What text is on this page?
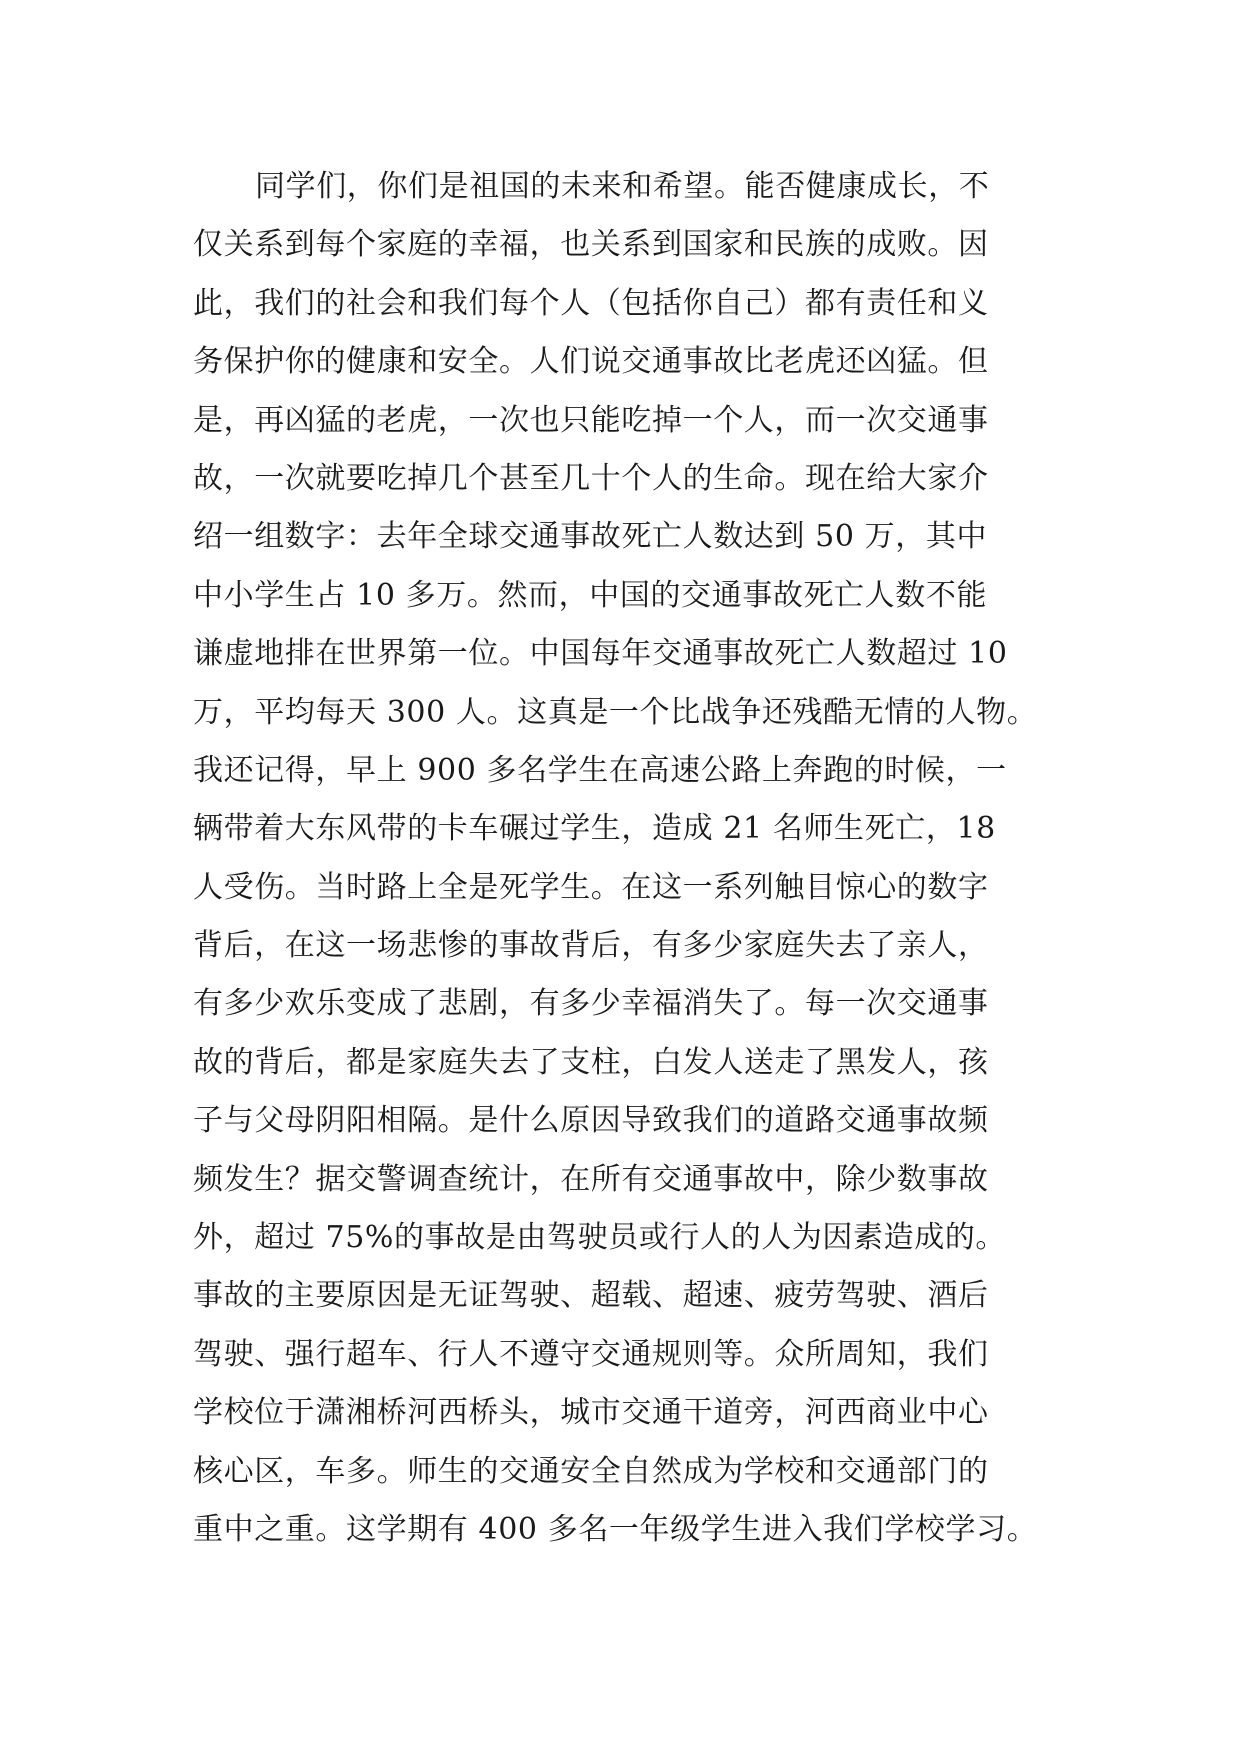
同学们，你们是祖国的未来和希望。能否健康成长，不
仅关系到每个家庭的幸福，也关系到国家和民族的成败。因
此，我们的社会和我们每个人（包括你自己）都有责任和义
务保护你的健康和安全。人们说交通事故比老虎还凶猛。但
是，再凶猛的老虎，一次也只能吃掉一个人，而一次交通事
故，一次就要吃掉几个甚至几十个人的生命。现在给大家介
绍一组数字：去年全球交通事故死亡人数达到 50 万，其中
中小学生占 10 多万。然而，中国的交通事故死亡人数不能
谦虚地排在世界第一位。中国每年交通事故死亡人数超过 10
万，平均每天 300 人。这真是一个比战争还残酷无情的人物。
我还记得，早上 900 多名学生在高速公路上奔跑的时候，一
辆带着大东风带的卡车碾过学生，造成 21 名师生死亡，18
人受伤。当时路上全是死学生。在这一系列触目惊心的数字
背后，在这一场悲惨的事故背后，有多少家庭失去了亲人，
有多少欢乐变成了悲剧，有多少幸福消失了。每一次交通事
故的背后，都是家庭失去了支柱，白发人送走了黑发人，孩
子与父母阴阳相隔。是什么原因导致我们的道路交通事故频
频发生？据交警调查统计，在所有交通事故中，除少数事故
外，超过 75%的事故是由驾驶员或行人的人为因素造成的。
事故的主要原因是无证驾驶、超载、超速、疲劳驾驶、酒后
驾驶、强行超车、行人不遵守交通规则等。众所周知，我们
学校位于潇湘桥河西桥头，城市交通干道旁，河西商业中心
核心区，车多。师生的交通安全自然成为学校和交通部门的
重中之重。这学期有 400 多名一年级学生进入我们学校学习。
